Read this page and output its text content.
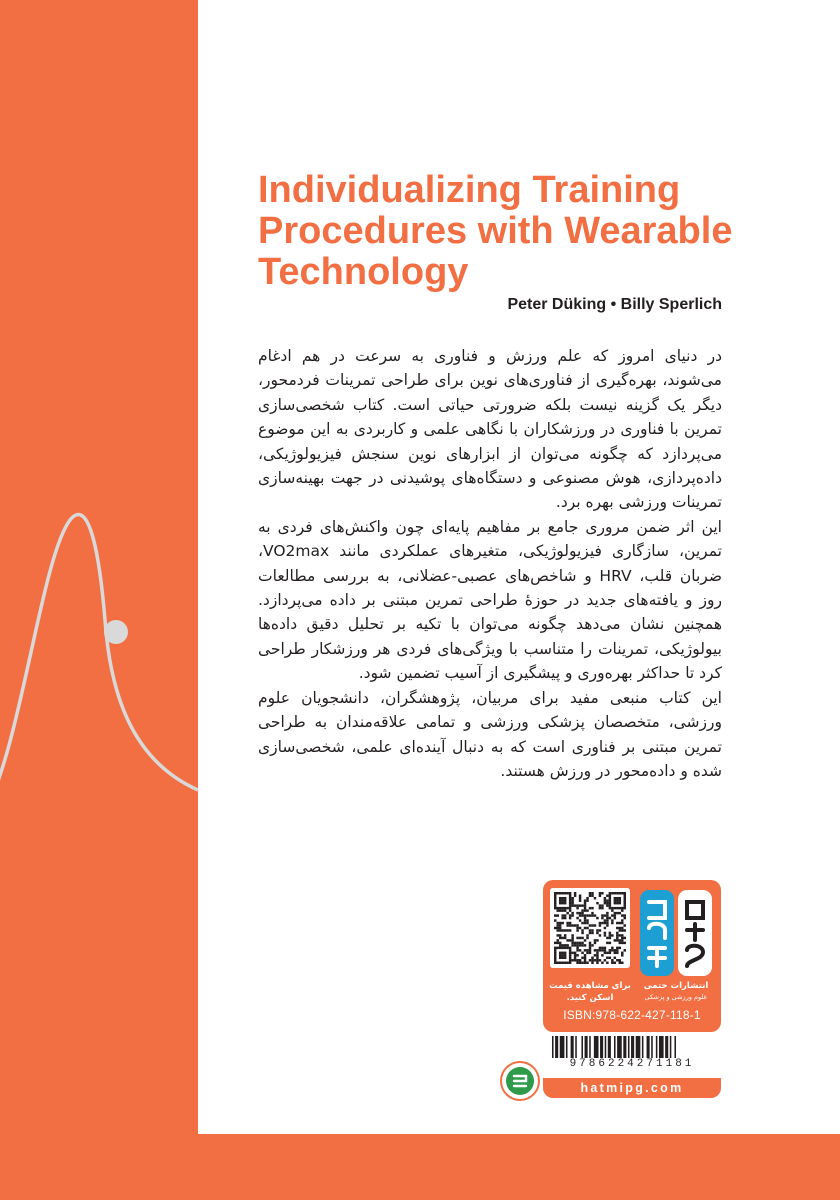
Individualizing Training
Procedures with Wearable
Technology
Peter Düking • Billy Sperlich

در دنیای امروز که علم ورزش و فناوری به سرعت در هم ادغام می‌شوند، بهره‌گیری از فناوری‌های نوین برای طراحی تمرینات فردمحور، دیگر یک گزینه نیست بلکه ضرورتی حیاتی است. کتاب شخصی‌سازی تمرین با فناوری در ورزشکاران با نگاهی علمی و کاربردی به این موضوع می‌پردازد که چگونه می‌توان از ابزارهای نوین سنجش فیزیولوژیکی، داده‌پردازی، هوش مصنوعی و دستگاه‌های پوشیدنی در جهت بهینه‌سازی تمرینات ورزشی بهره برد.

این اثر ضمن مروری جامع بر مفاهیم پایه‌ای چون واکنش‌های فردی به تمرین، سازگاری فیزیولوژیکی، متغیرهای عملکردی مانند VO2max، ضربان قلب، HRV و شاخص‌های عصبی-عضلانی، به بررسی مطالعات روز و یافته‌های جدید در حوزهٔ طراحی تمرین مبتنی بر داده می‌پردازد. همچنین نشان می‌دهد چگونه می‌توان با تکیه بر تحلیل دقیق داده‌ها بیولوژیکی، تمرینات را متناسب با ویژگی‌های فردی هر ورزشکار طراحی کرد تا حداکثر بهره‌وری و پیشگیری از آسیب تضمین شود.

این کتاب منبعی مفید برای مربیان، پژوهشگران، دانشجویان علوم ورزشی، متخصصان پزشکی ورزشی و تمامی علاقه‌مندان به طراحی تمرین مبتنی بر فناوری است که به دنبال آینده‌ای علمی، شخصی‌سازی شده و داده‌محور در ورزش هستند.

برای مشاهده قیمت
اسکن کنید.
انتشارات حتمی
علوم ورزشی و پزشکی
ISBN:978-622-427-118-1
9786224271181
hatmipg.com
